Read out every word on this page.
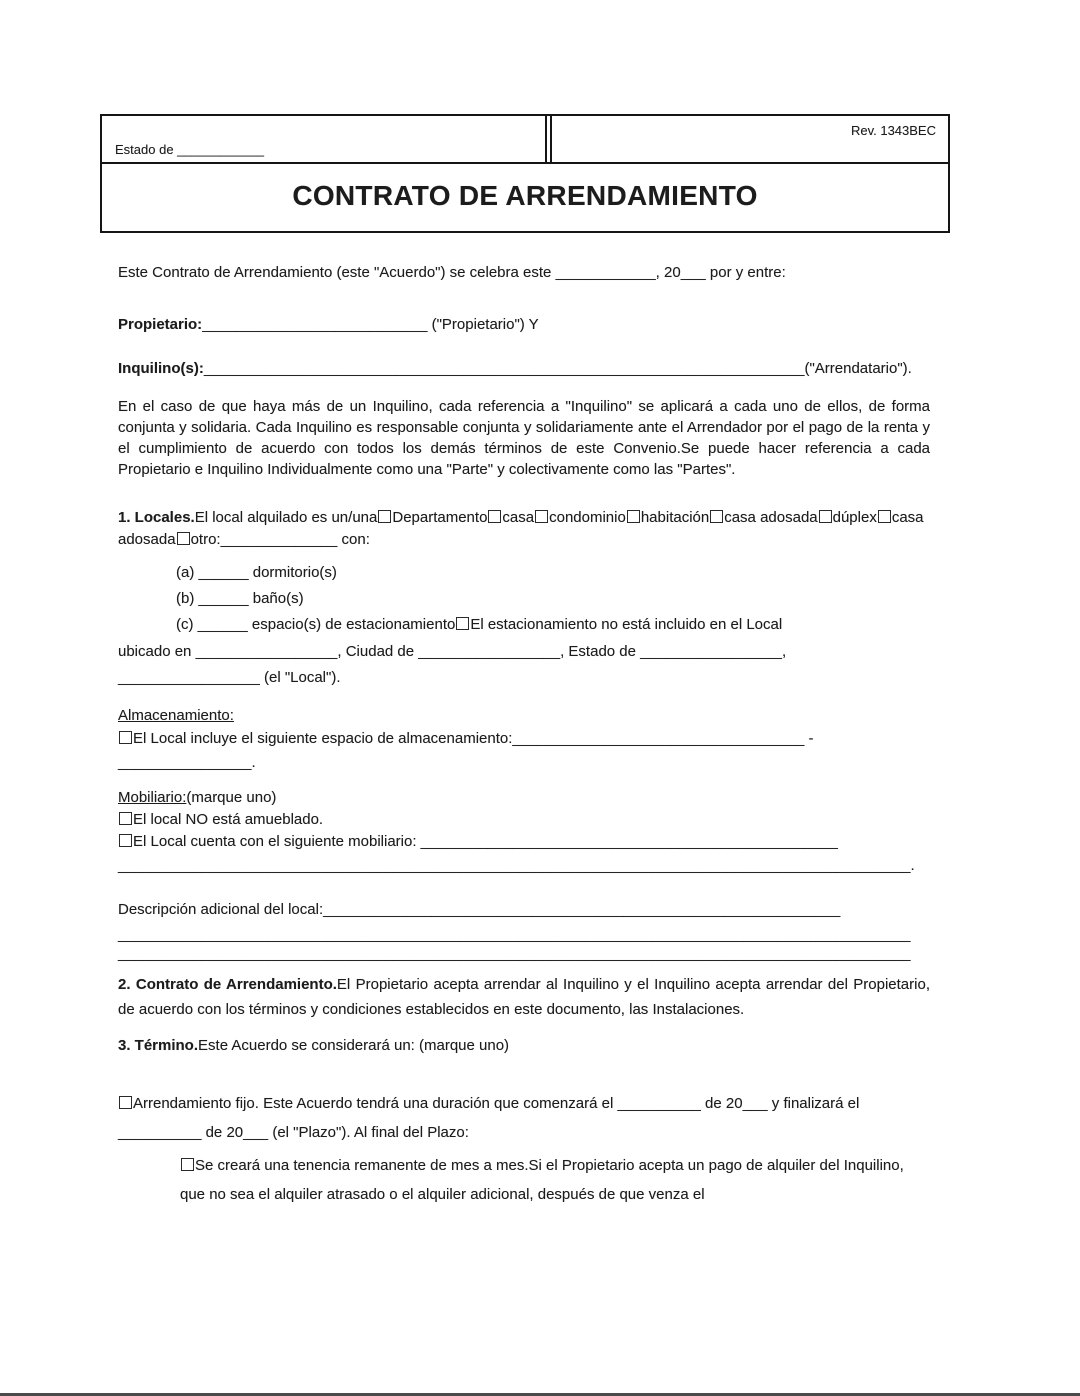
Estado de
____________
Rev. 1343BEC
CONTRATO DE ARRENDAMIENTO

Este Contrato de Arrendamiento (este "Acuerdo") se celebra este ____________, 20___ por y entre:

Propietario:___________________________ ("Propietario") Y

Inquilino(s):________________________________________________________________________("Arrendatario").

En el caso de que haya más de un Inquilino, cada referencia a "Inquilino" se aplicará a cada uno de ellos, de forma conjunta y solidaria. Cada Inquilino es responsable conjunta y solidariamente ante el Arrendador por el pago de la renta y el cumplimiento de acuerdo con todos los demás términos de este Convenio.Se puede hacer referencia a cada Propietario e Inquilino Individualmente como una "Parte" y colectivamente como las "Partes".

1. Locales.El local alquilado es un/una Departamento casa condominio habitación casa adosada dúplex casa adosada otro:______________ con:

(a) ______ dormitorio(s)

(b) ______ baño(s)

(c) ______ espacio(s) de estacionamiento El estacionamiento no está incluido en el Local

ubicado en _________________, Ciudad de _________________, Estado de _________________,

_________________ (el "Local").

Almacenamiento:

El Local incluye el siguiente espacio de almacenamiento:___________________________________ -

________________.

Mobiliario:(marque uno)

El local NO está amueblado.

El Local cuenta con el siguiente mobiliario: __________________________________________________

_______________________________________________________________________________________________.

Descripción adicional del local:______________________________________________________________

_______________________________________________________________________________________________

_______________________________________________________________________________________________

2. Contrato de Arrendamiento.El Propietario acepta arrendar al Inquilino y el Inquilino acepta arrendar del Propietario, de acuerdo con los términos y condiciones establecidos en este documento, las Instalaciones.

3. Término.Este Acuerdo se considerará un: (marque uno)

Arrendamiento fijo. Este Acuerdo tendrá una duración que comenzará el __________ de 20___ y finalizará el __________ de 20___ (el "Plazo"). Al final del Plazo:

Se creará una tenencia remanente de mes a mes.Si el Propietario acepta un pago de alquiler del Inquilino, que no sea el alquiler atrasado o el alquiler adicional, después de que venza el
